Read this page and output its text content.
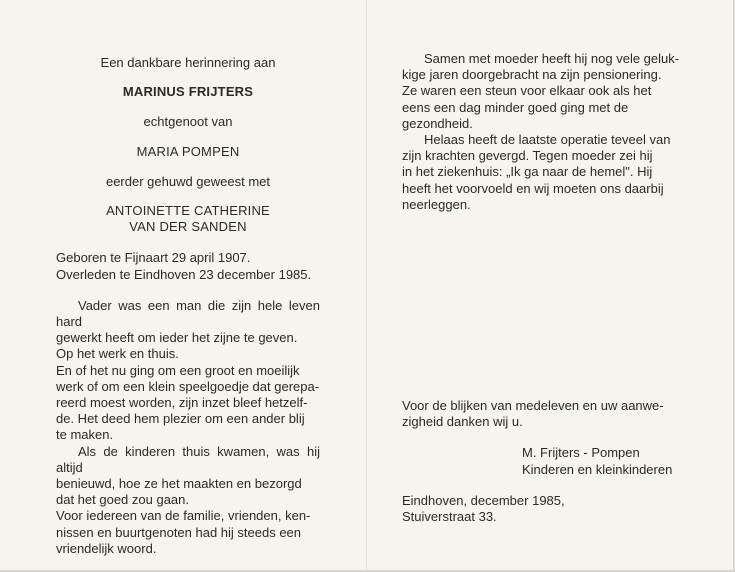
Een dankbare herinnering aan
MARINUS FRIJTERS
echtgenoot van
MARIA POMPEN
eerder gehuwd geweest met
ANTOINETTE CATHERINE
VAN DER SANDEN
Geboren te Fijnaart 29 april 1907.
Overleden te Eindhoven 23 december 1985.
Vader was een man die zijn hele leven hard
gewerkt heeft om ieder het zijne te geven.
Op het werk en thuis.
En of het nu ging om een groot en moeilijk
werk of om een klein speelgoedje dat gerepa-
reerd moest worden, zijn inzet bleef hetzelf-
de. Het deed hem plezier om een ander blij
te maken.
Als de kinderen thuis kwamen, was hij altijd
benieuwd, hoe ze het maakten en bezorgd
dat het goed zou gaan.
Voor iedereen van de familie, vrienden, ken-
nissen en buurtgenoten had hij steeds een
vriendelijk woord.
Samen met moeder heeft hij nog vele geluk-
kige jaren doorgebracht na zijn pensionering.
Ze waren een steun voor elkaar ook als het
eens een dag minder goed ging met de
gezondheid.
Helaas heeft de laatste operatie teveel van
zijn krachten gevergd. Tegen moeder zei hij
in het ziekenhuis: „Ik ga naar de hemel". Hij
heeft het voorvoeld en wij moeten ons daarbij
neerleggen.
Voor de blijken van medeleven en uw aanwe-
zigheid danken wij u.
M. Frijters - Pompen
Kinderen en kleinkinderen
Eindhoven, december 1985,
Stuiverstraat 33.
